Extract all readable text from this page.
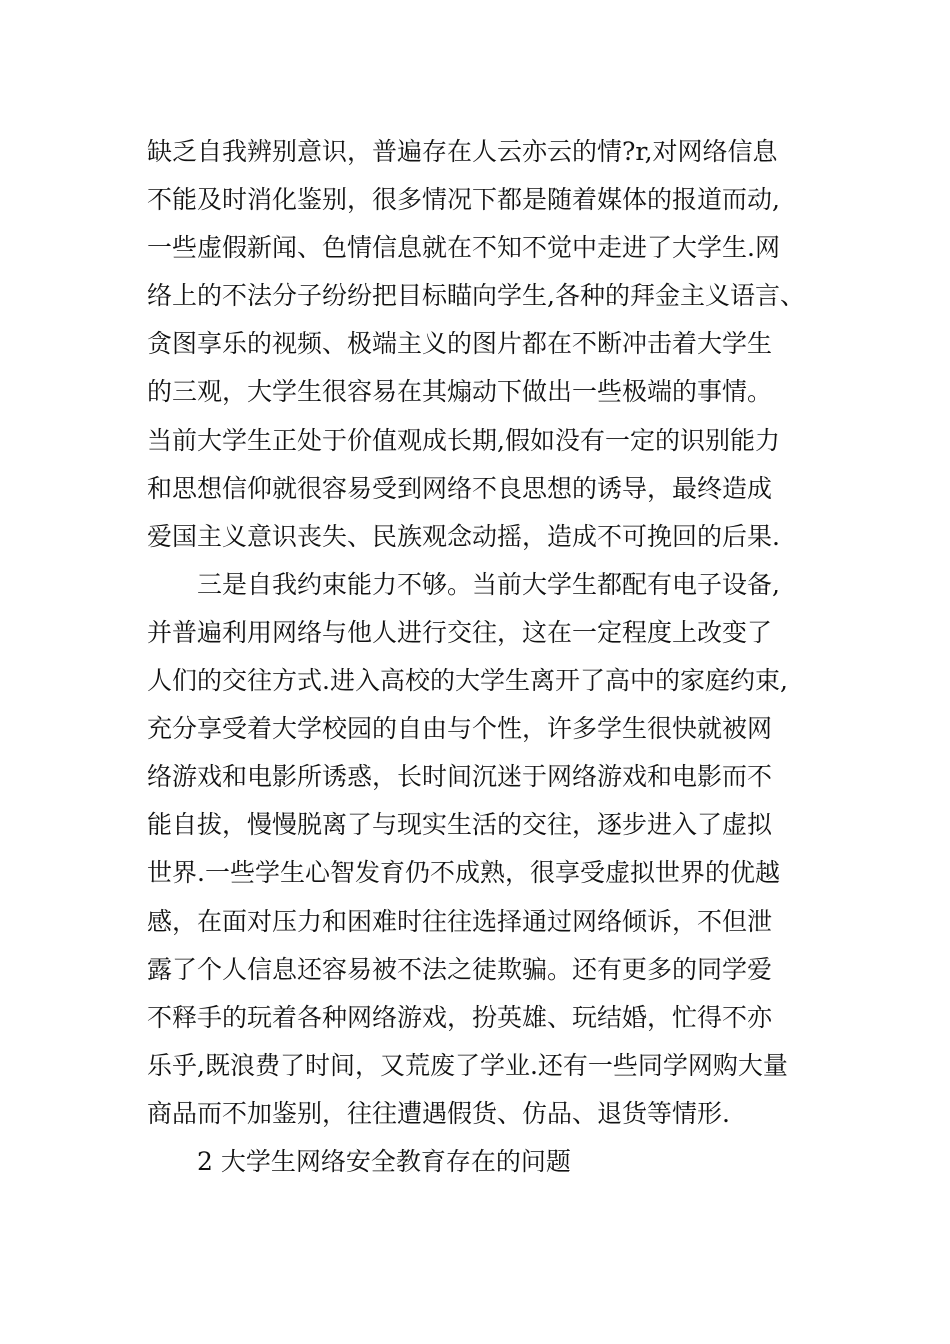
缺乏自我辨别意识，普遍存在人云亦云的情?r,对网络信息
不能及时消化鉴别，很多情况下都是随着媒体的报道而动,
一些虚假新闻、色情信息就在不知不觉中走进了大学生.网
络上的不法分子纷纷把目标瞄向学生,各种的拜金主义语言、
贪图享乐的视频、极端主义的图片都在不断冲击着大学生
的三观，大学生很容易在其煽动下做出一些极端的事情。
当前大学生正处于价值观成长期,假如没有一定的识别能力
和思想信仰就很容易受到网络不良思想的诱导，最终造成
爱国主义意识丧失、民族观念动摇，造成不可挽回的后果.
三是自我约束能力不够。当前大学生都配有电子设备,
并普遍利用网络与他人进行交往，这在一定程度上改变了
人们的交往方式.进入高校的大学生离开了高中的家庭约束,
充分享受着大学校园的自由与个性，许多学生很快就被网
络游戏和电影所诱惑，长时间沉迷于网络游戏和电影而不
能自拔，慢慢脱离了与现实生活的交往，逐步进入了虚拟
世界.一些学生心智发育仍不成熟，很享受虚拟世界的优越
感，在面对压力和困难时往往选择通过网络倾诉，不但泄
露了个人信息还容易被不法之徒欺骗。还有更多的同学爱
不释手的玩着各种网络游戏，扮英雄、玩结婚，忙得不亦
乐乎,既浪费了时间，又荒废了学业.还有一些同学网购大量
商品而不加鉴别，往往遭遇假货、仿品、退货等情形.
2 大学生网络安全教育存在的问题
